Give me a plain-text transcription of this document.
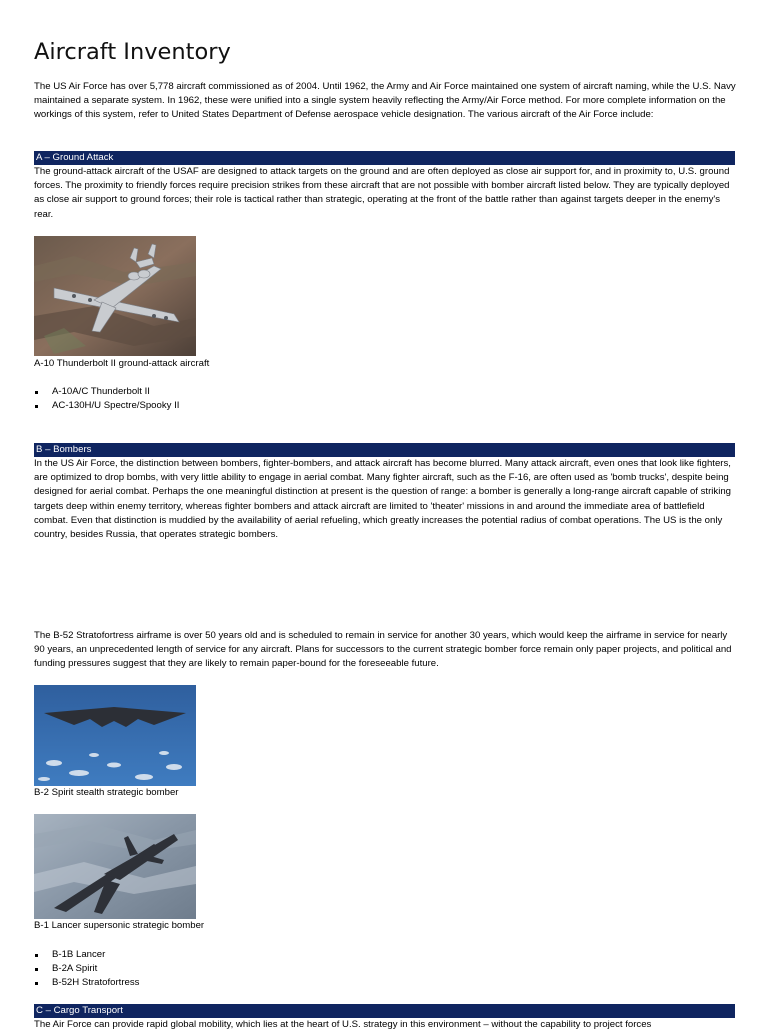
Aircraft Inventory

The US Air Force has over 5,778 aircraft commissioned as of 2004. Until 1962, the Army and Air Force maintained one system of aircraft naming, while the U.S. Navy maintained a separate system. In 1962, these were unified into a single system heavily reflecting the Army/Air Force method. For more complete information on the workings of this system, refer to United States Department of Defense aerospace vehicle designation. The various aircraft of the Air Force include:

A – Ground Attack

The ground-attack aircraft of the USAF are designed to attack targets on the ground and are often deployed as close air support for, and in proximity to, U.S. ground forces. The proximity to friendly forces require precision strikes from these aircraft that are not possible with bomber aircraft listed below. They are typically deployed as close air support to ground forces; their role is tactical rather than strategic, operating at the front of the battle rather than against targets deeper in the enemy's rear.

A-10 Thunderbolt II ground-attack aircraft
A-10A/C Thunderbolt II
AC-130H/U Spectre/Spooky II
B – Bombers

In the US Air Force, the distinction between bombers, fighter-bombers, and attack aircraft has become blurred. Many attack aircraft, even ones that look like fighters, are optimized to drop bombs, with very little ability to engage in aerial combat. Many fighter aircraft, such as the F-16, are often used as 'bomb trucks', despite being designed for aerial combat. Perhaps the one meaningful distinction at present is the question of range: a bomber is generally a long-range aircraft capable of striking targets deep within enemy territory, whereas fighter bombers and attack aircraft are limited to 'theater' missions in and around the immediate area of battlefield combat. Even that distinction is muddied by the availability of aerial refueling, which greatly increases the potential radius of combat operations. The US is the only country, besides Russia, that operates strategic bombers.

The B-52 Stratofortress airframe is over 50 years old and is scheduled to remain in service for another 30 years, which would keep the airframe in service for nearly 90 years, an unprecedented length of service for any aircraft. Plans for successors to the current strategic bomber force remain only paper projects, and political and funding pressures suggest that they are likely to remain paper-bound for the foreseeable future.

B-2 Spirit stealth strategic bomber
B-1 Lancer supersonic strategic bomber
B-1B Lancer
B-2A Spirit
B-52H Stratofortress
C – Cargo Transport

The Air Force can provide rapid global mobility, which lies at the heart of U.S. strategy in this environment – without the capability to project forces
